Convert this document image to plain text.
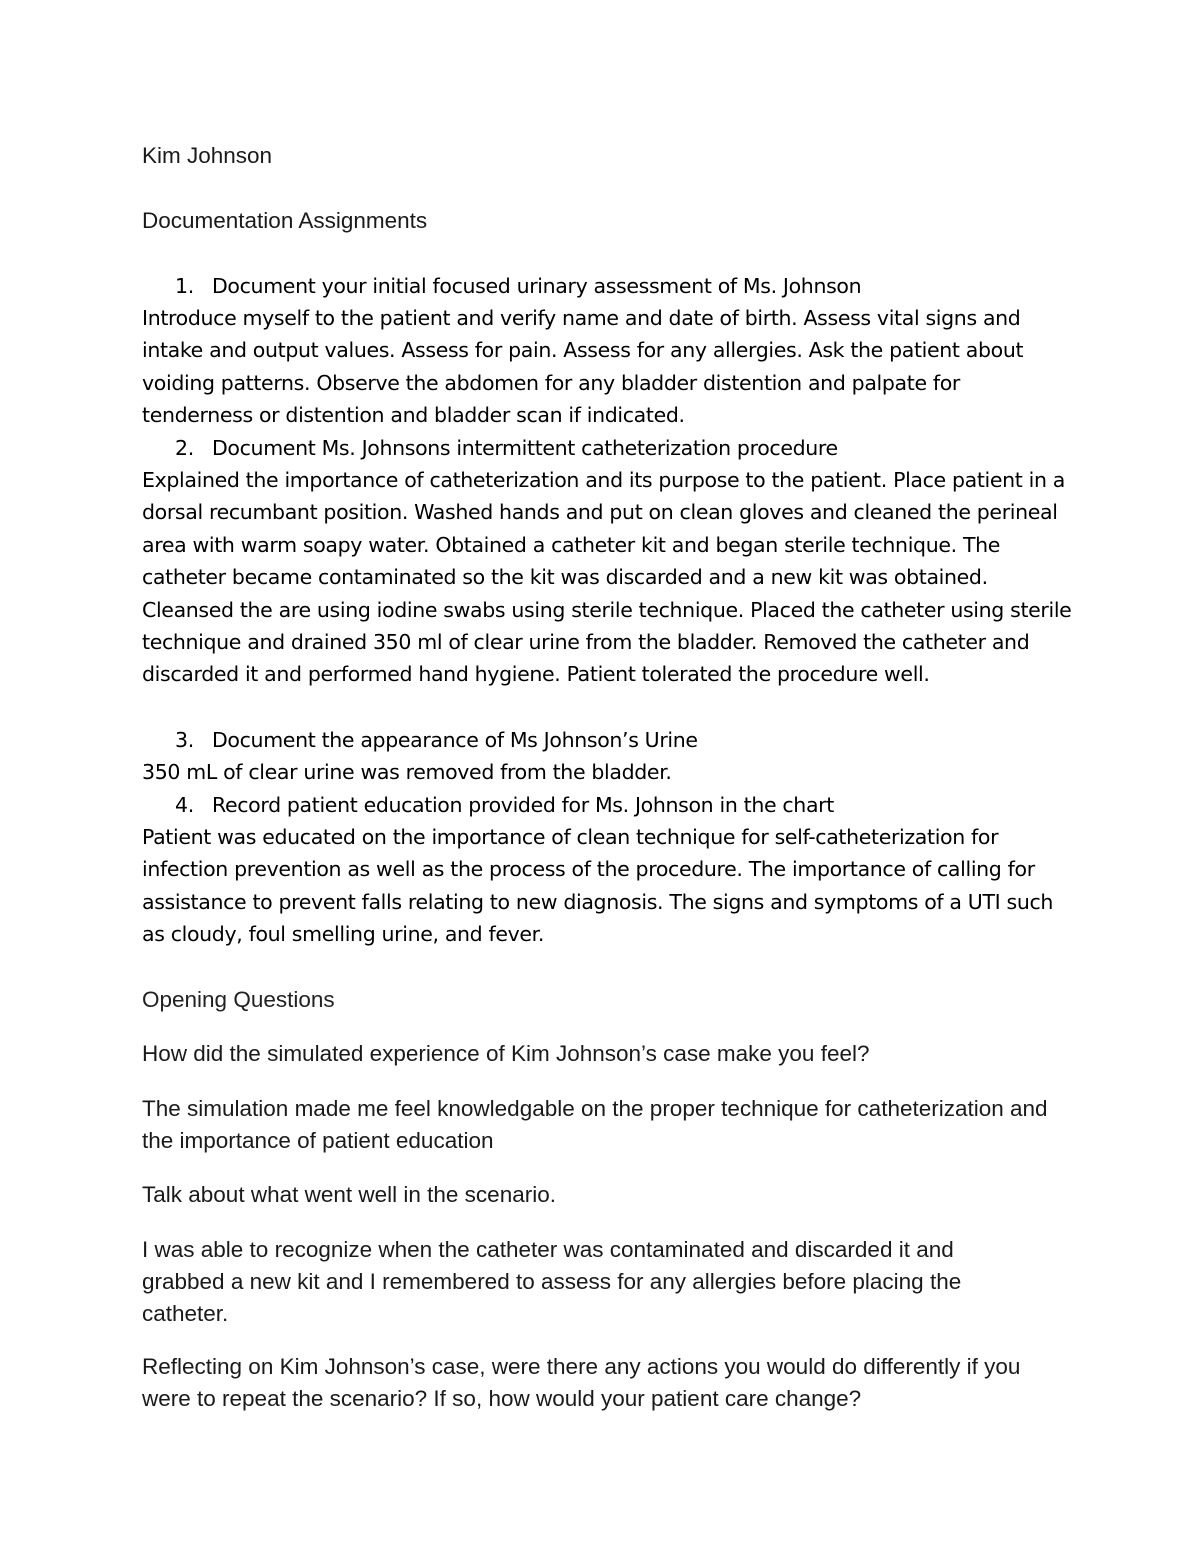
Kim Johnson

Documentation Assignments

1. Document your initial focused urinary assessment of Ms. Johnson

Introduce myself to the patient and verify name and date of birth. Assess vital signs and intake and output values. Assess for pain. Assess for any allergies. Ask the patient about voiding patterns. Observe the abdomen for any bladder distention and palpate for tenderness or distention and bladder scan if indicated.

2. Document Ms. Johnsons intermittent catheterization procedure

Explained the importance of catheterization and its purpose to the patient. Place patient in a dorsal recumbant position. Washed hands and put on clean gloves and cleaned the perineal area with warm soapy water. Obtained a catheter kit and began sterile technique. The catheter became contaminated so the kit was discarded and a new kit was obtained. Cleansed the are using iodine swabs using sterile technique. Placed the catheter using sterile technique and drained 350 ml of clear urine from the bladder. Removed the catheter and discarded it and performed hand hygiene. Patient tolerated the procedure well.

3. Document the appearance of Ms Johnson’s Urine

350 mL of clear urine was removed from the bladder.

4. Record patient education provided for Ms. Johnson in the chart

Patient was educated on the importance of clean technique for self-catheterization for infection prevention as well as the process of the procedure. The importance of calling for assistance to prevent falls relating to new diagnosis. The signs and symptoms of a UTI such as cloudy, foul smelling urine, and fever.

Opening Questions

How did the simulated experience of Kim Johnson’s case make you feel?

The simulation made me feel knowledgable on the proper technique for catheterization and the importance of patient education

Talk about what went well in the scenario.

I was able to recognize when the catheter was contaminated and discarded it and grabbed a new kit and I remembered to assess for any allergies before placing the catheter.

Reflecting on Kim Johnson’s case, were there any actions you would do differently if you were to repeat the scenario? If so, how would your patient care change?
